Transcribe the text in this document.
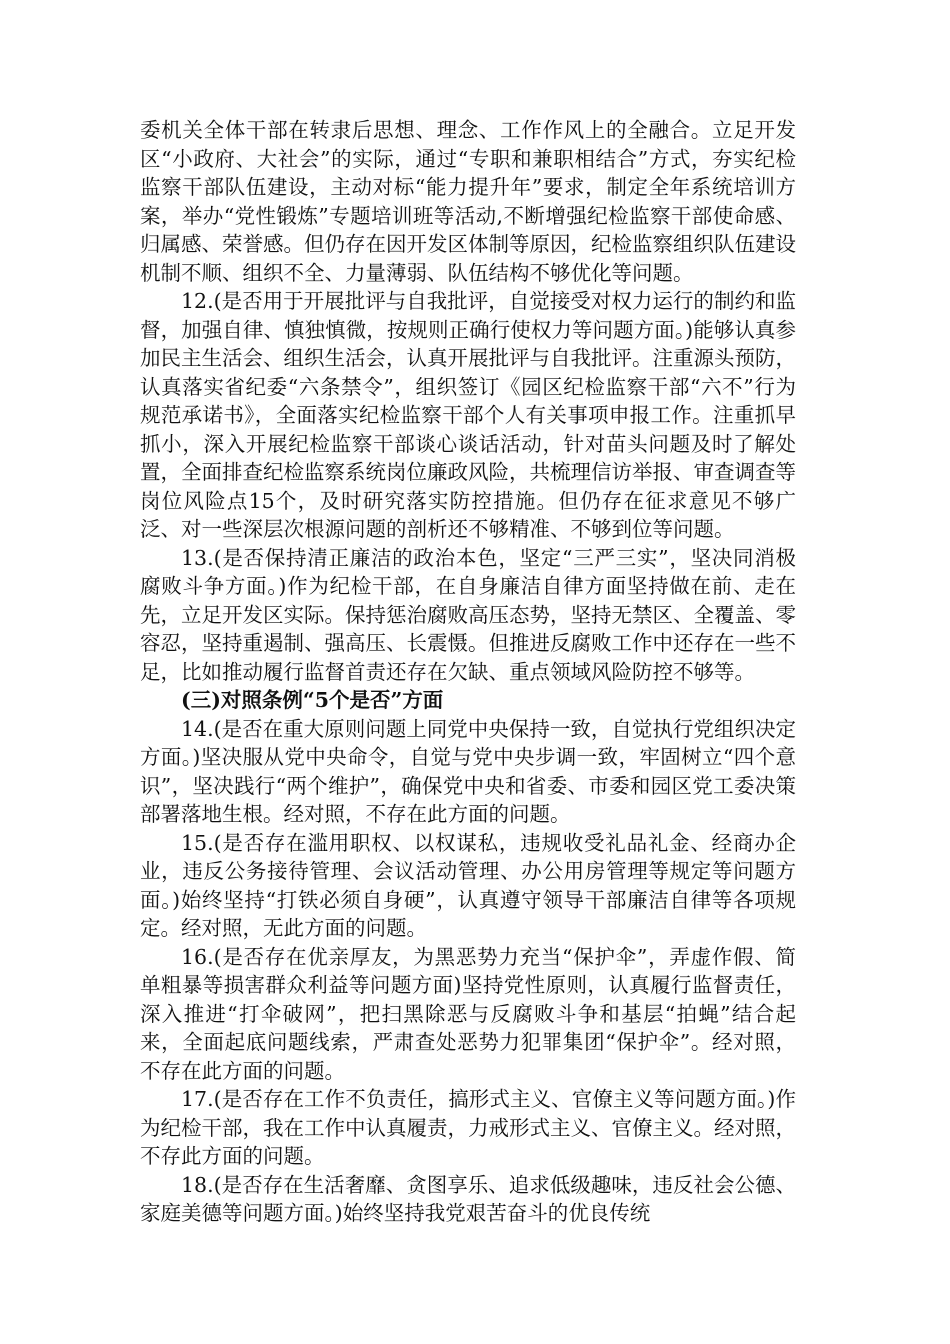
委机关全体干部在转隶后思想、理念、工作作风上的全融合。立足开发区“小政府、大社会”的实际，通过“专职和兼职相结合”方式，夯实纪检监察干部队伍建设，主动对标“能力提升年”要求，制定全年系统培训方案，举办“党性锻炼”专题培训班等活动,不断增强纪检监察干部使命感、归属感、荣誉感。但仍存在因开发区体制等原因，纪检监察组织队伍建设机制不顺、组织不全、力量薄弱、队伍结构不够优化等问题。

12.(是否用于开展批评与自我批评，自觉接受对权力运行的制约和监督，加强自律、慎独慎微，按规则正确行使权力等问题方面。)能够认真参加民主生活会、组织生活会，认真开展批评与自我批评。注重源头预防，认真落实省纪委“六条禁令”，组织签订《园区纪检监察干部“六不”行为规范承诺书》，全面落实纪检监察干部个人有关事项申报工作。注重抓早抓小，深入开展纪检监察干部谈心谈话活动，针对苗头问题及时了解处置，全面排查纪检监察系统岗位廉政风险，共梳理信访举报、审查调查等岗位风险点15个，及时研究落实防控措施。但仍存在征求意见不够广泛、对一些深层次根源问题的剖析还不够精准、不够到位等问题。

13.(是否保持清正廉洁的政治本色，坚定“三严三实”，坚决同消极腐败斗争方面。)作为纪检干部，在自身廉洁自律方面坚持做在前、走在先，立足开发区实际。保持惩治腐败高压态势，坚持无禁区、全覆盖、零容忍，坚持重遏制、强高压、长震慑。但推进反腐败工作中还存在一些不足，比如推动履行监督首责还存在欠缺、重点领域风险防控不够等。

(三)对照条例“5个是否”方面

14.(是否在重大原则问题上同党中央保持一致，自觉执行党组织决定方面。)坚决服从党中央命令，自觉与党中央步调一致，牢固树立“四个意识”，坚决践行“两个维护”，确保党中央和省委、市委和园区党工委决策部署落地生根。经对照，不存在此方面的问题。

15.(是否存在滥用职权、以权谋私，违规收受礼品礼金、经商办企业，违反公务接待管理、会议活动管理、办公用房管理等规定等问题方面。)始终坚持“打铁必须自身硬”，认真遵守领导干部廉洁自律等各项规定。经对照，无此方面的问题。

16.(是否存在优亲厚友，为黑恶势力充当“保护伞”，弄虚作假、简单粗暴等损害群众利益等问题方面)坚持党性原则，认真履行监督责任，深入推进“打伞破网”，把扫黑除恶与反腐败斗争和基层“拍蝇”结合起来，全面起底问题线索，严肃查处恶势力犯罪集团“保护伞”。经对照，不存在此方面的问题。

17.(是否存在工作不负责任，搞形式主义、官僚主义等问题方面。)作为纪检干部，我在工作中认真履责，力戒形式主义、官僚主义。经对照，不存此方面的问题。

18.(是否存在生活奢靡、贪图享乐、追求低级趣味，违反社会公德、家庭美德等问题方面。)始终坚持我党艰苦奋斗的优良传统
